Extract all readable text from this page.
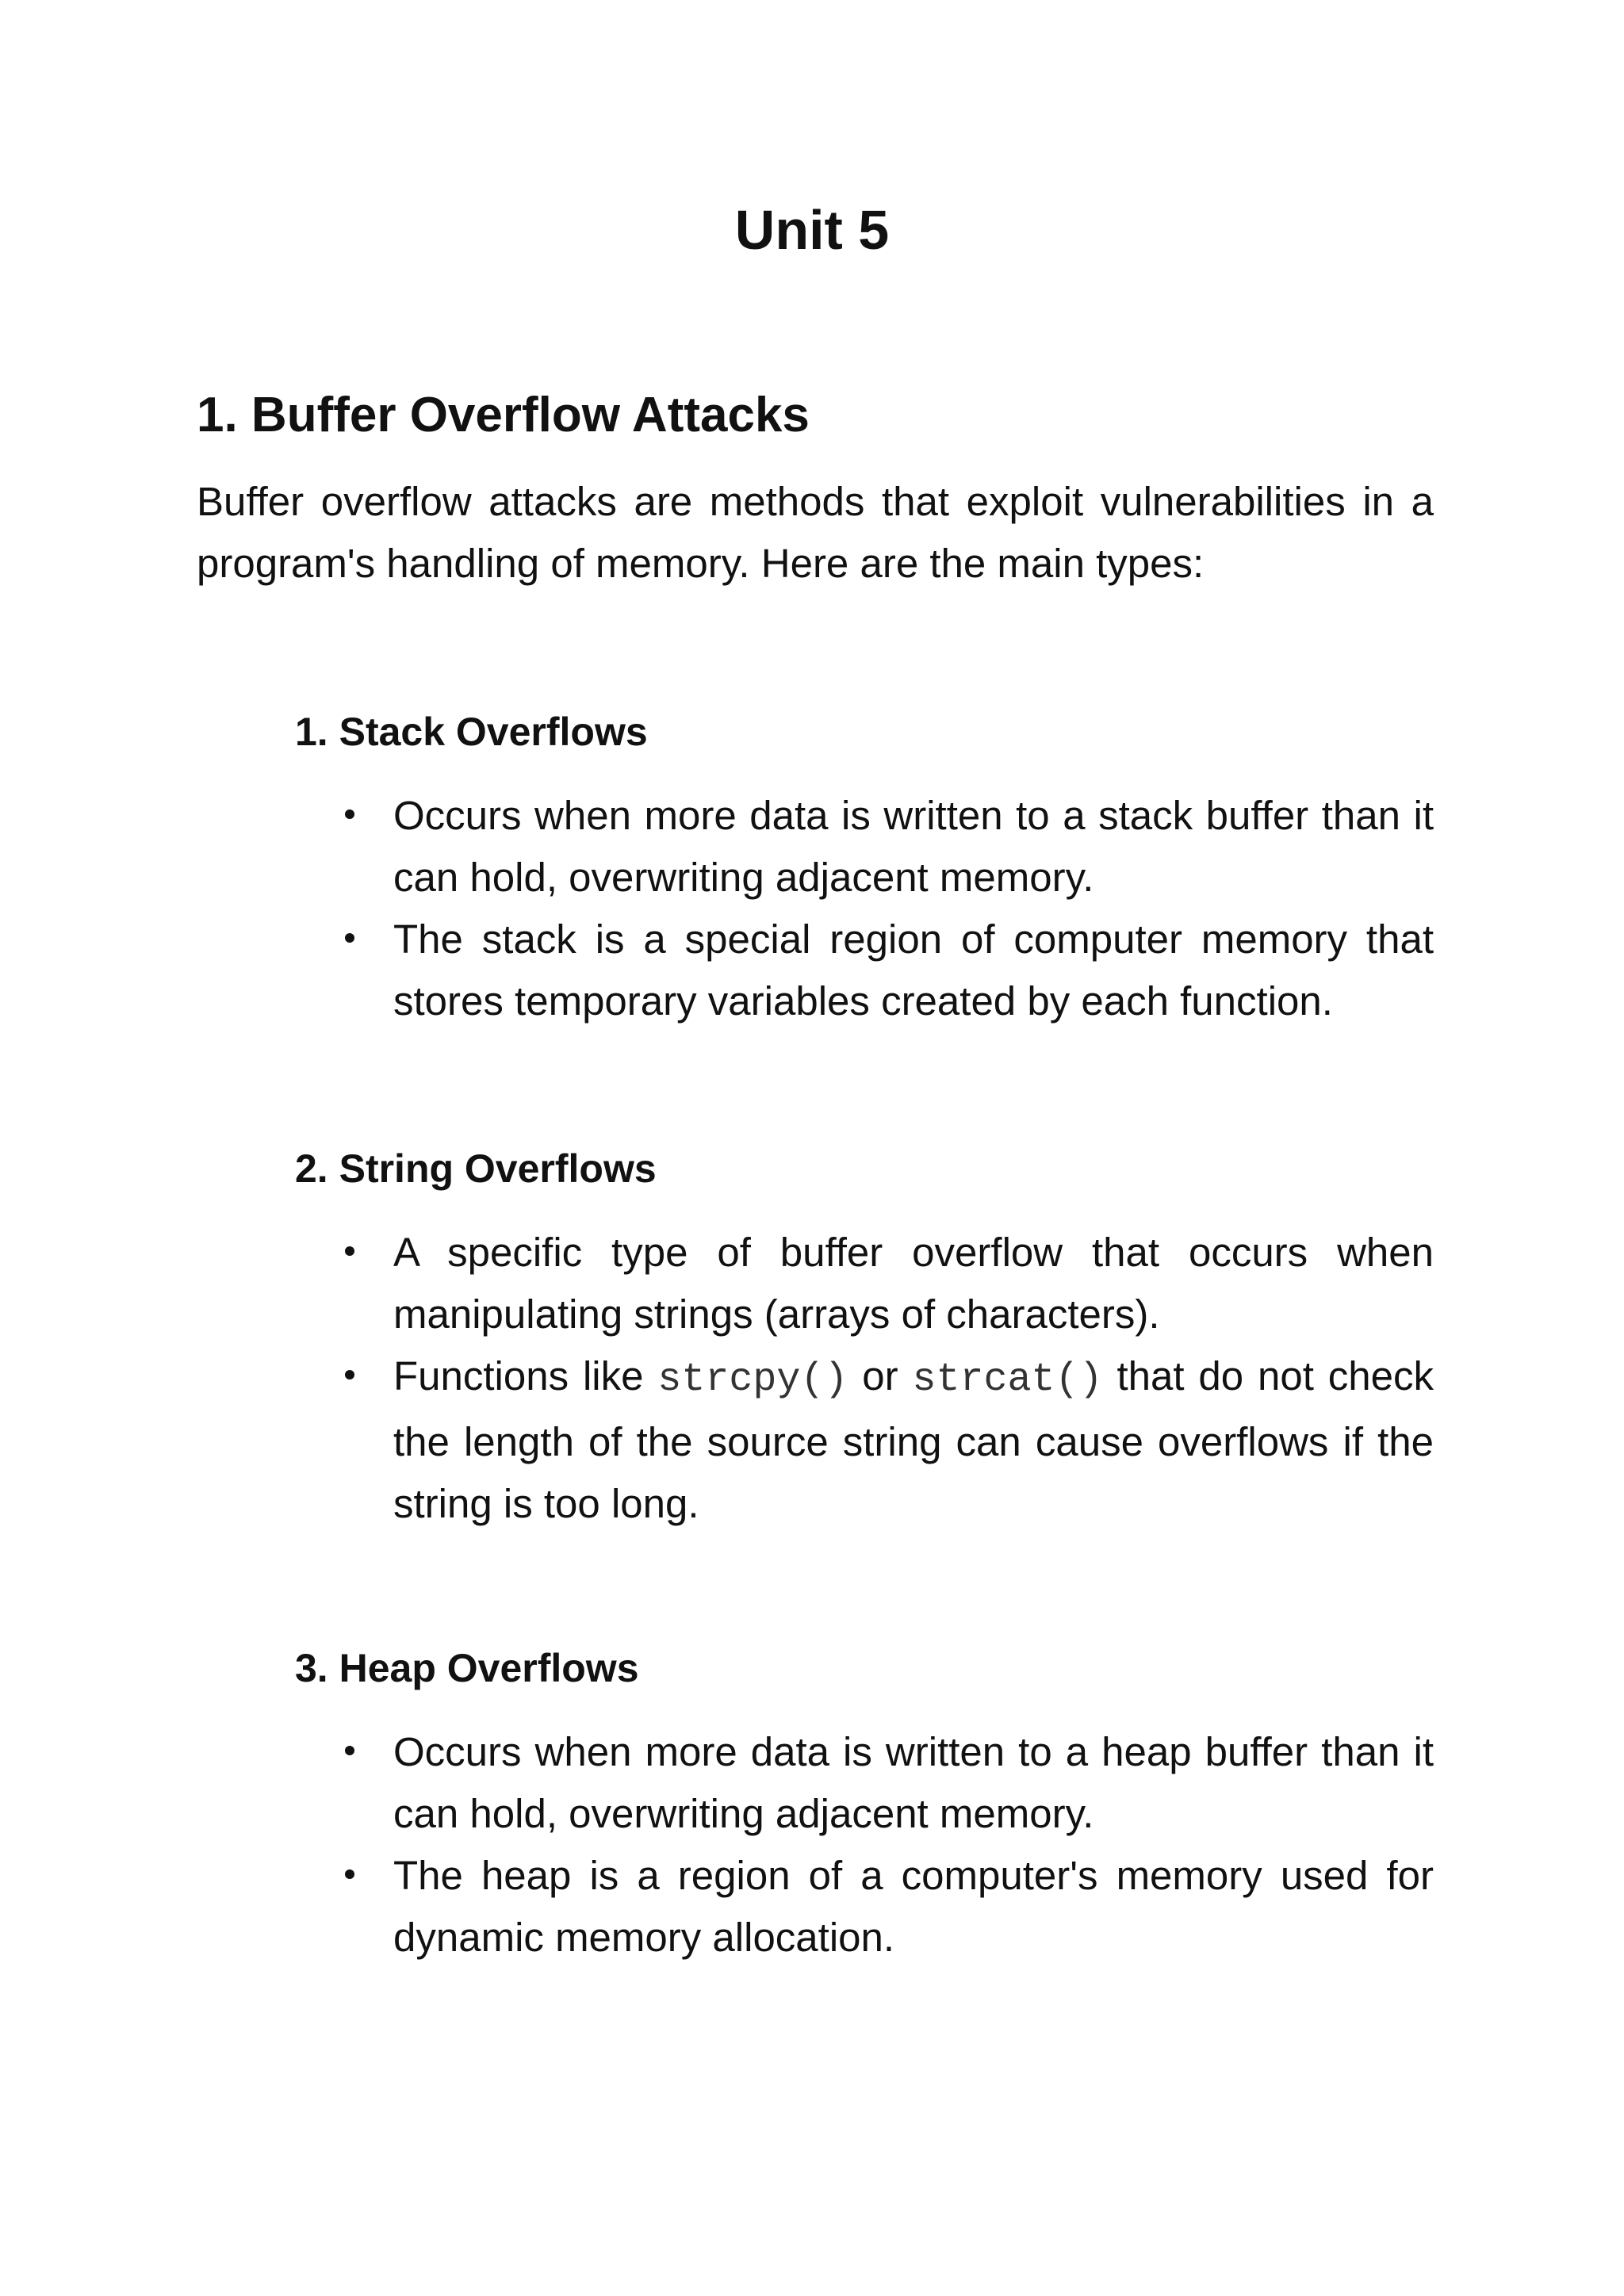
Unit 5
1. Buffer Overflow Attacks

Buffer overflow attacks are methods that exploit vulnerabilities in a program's handling of memory. Here are the main types:

1. Stack Overflows
Occurs when more data is written to a stack buffer than it can hold, overwriting adjacent memory.
The stack is a special region of computer memory that stores temporary variables created by each function.
2. String Overflows
A specific type of buffer overflow that occurs when manipulating strings (arrays of characters).
Functions like strcpy() or strcat() that do not check the length of the source string can cause overflows if the string is too long.
3. Heap Overflows
Occurs when more data is written to a heap buffer than it can hold, overwriting adjacent memory.
The heap is a region of a computer's memory used for dynamic memory allocation.
